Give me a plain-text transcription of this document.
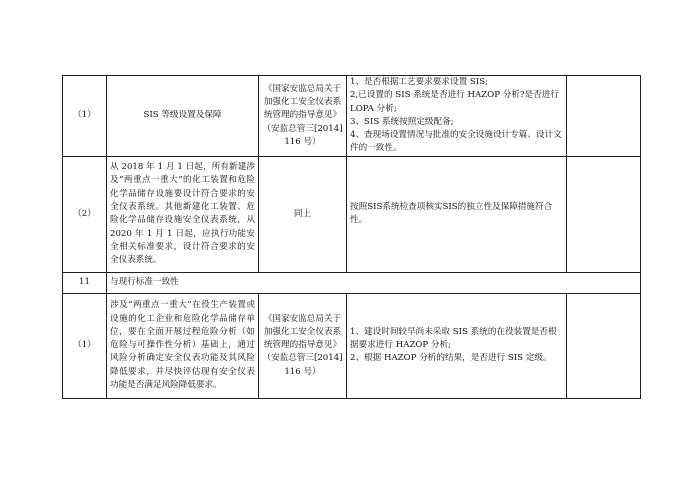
（1）	SIS 等级设置及保障	《国家安监总局关于加强化工安全仪表系统管理的指导意见》（安监总管三[2014]116 号）	1、是否根据工艺要求要求设置 SIS;
2,已设置的 SIS 系统是否进行 HAZOP 分析?是否进行 LOPA 分析;
3、SIS 系统按照定级配备;
4、查现场设置情况与批准的安全设施设计专篇、设计文件的一致性。	

（2）	从 2018 年 1 月 1 日起，所有新建涉及“两重点一重大”的化工装置和危险化学品储存设施要设计符合要求的安全仪表系统。其他新建化工装置、危险化学品储存设施安全仪表系统，从 2020 年 1 月 1 日起，应执行功能安全相关标准要求，设计符合要求的安全仪表系统。	同上	按照SIS系统检查项核实SIS的独立性及保障措施符合性。	

11	与现行标准一致性			
（1）	涉及“两重点一重大”在役生产装置或设施的化工企业和危险化学品储存单位，要在全面开展过程危险分析（如危险与可操作性分析）基础上，通过风险分析确定安全仪表功能及其风险降低要求，并尽快评估现有安全仪表功能是否满足风险降低要求。	《国家安监总局关于加强化工安全仪表系统管理的指导意见》（安监总管三[2014]116 号）	1、建设时间较早尚未采取 SIS 系统的在役装置是否根据要求进行 HAZOP 分析;
2、根据 HAZOP 分析的结果，是否进行 SIS 定级。	
